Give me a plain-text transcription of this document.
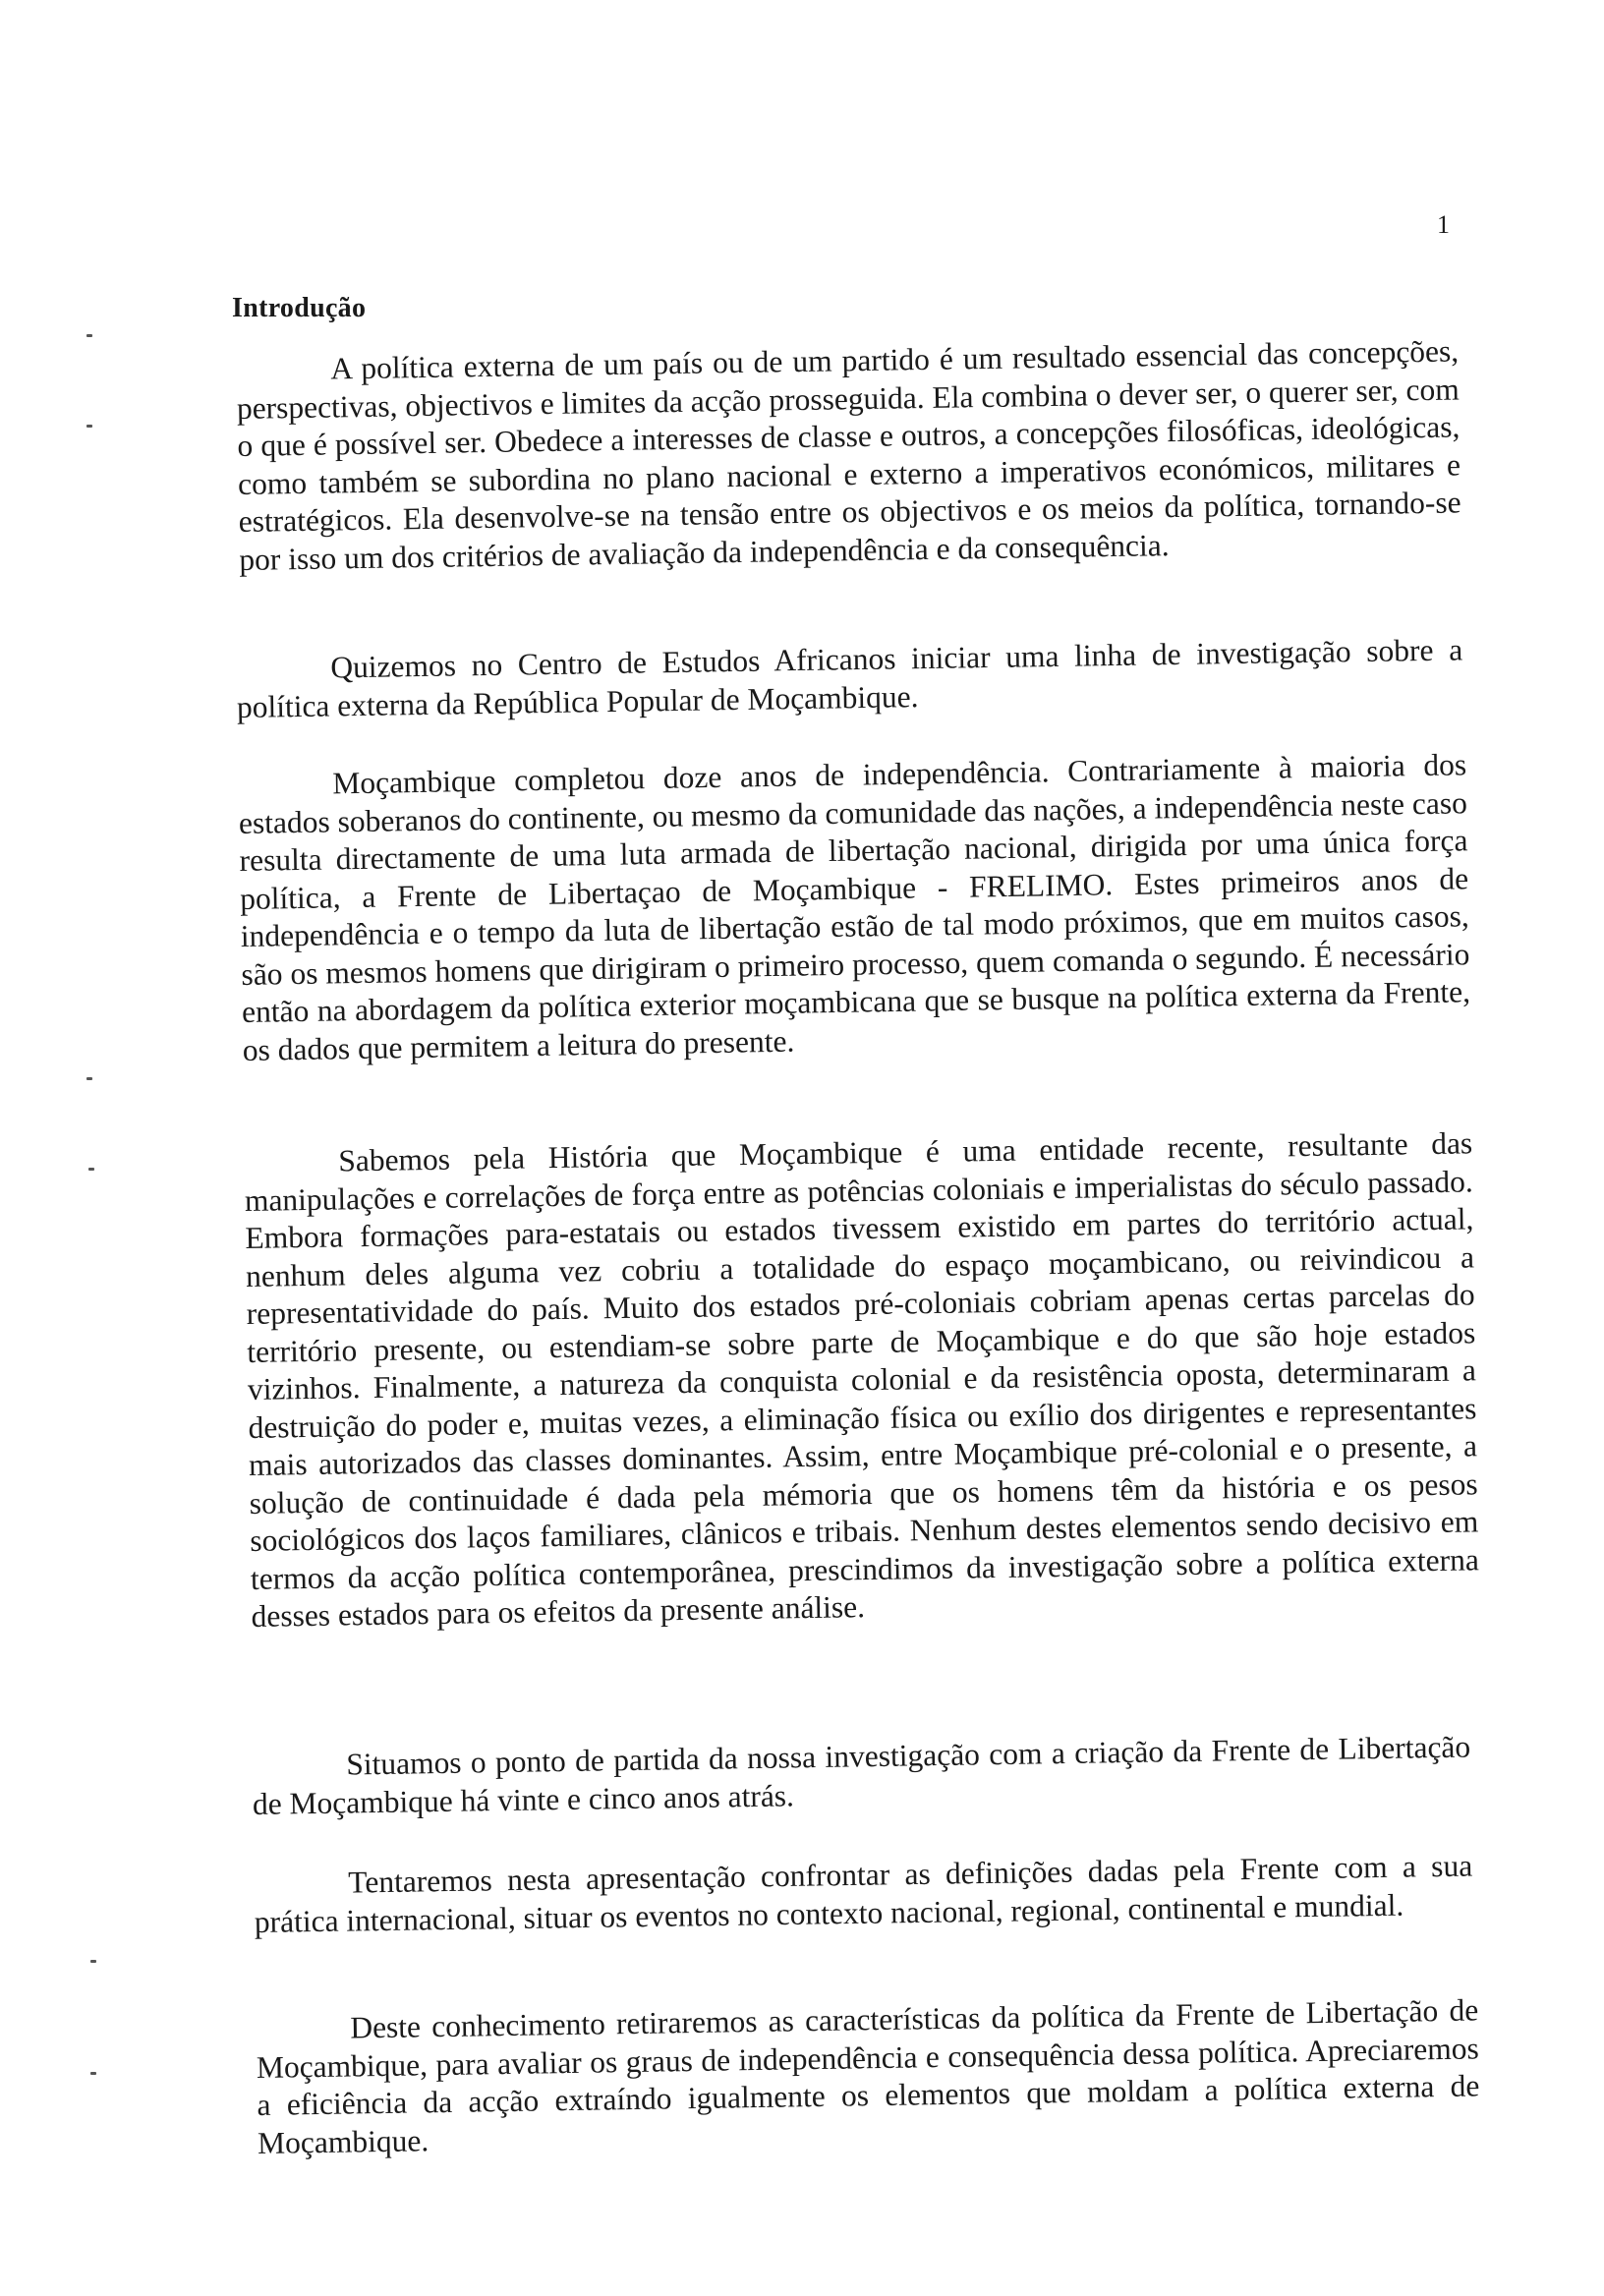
1
Introdução

A política externa de um país ou de um partido é um resultado essencial das concepções, perspectivas, objectivos e limites da acção prosseguida. Ela combina o dever ser, o querer ser, com o que é possível ser. Obedece a interesses de classe e outros, a concepções filosóficas, ideológicas, como também se subordina no plano nacional e externo a imperativos económicos, militares e estratégicos. Ela desenvolve-se na tensão entre os objectivos e os meios da política, tornando-se por isso um dos critérios de avaliação da independência e da consequência.

Quizemos no Centro de Estudos Africanos iniciar uma linha de investigação sobre a política externa da República Popular de Moçambique.

Moçambique completou doze anos de independência. Contrariamente à maioria dos estados soberanos do continente, ou mesmo da comunidade das nações, a independência neste caso resulta directamente de uma luta armada de libertação nacional, dirigida por uma única força política, a Frente de Libertaçao de Moçambique - FRELIMO. Estes primeiros anos de independência e o tempo da luta de libertação estão de tal modo próximos, que em muitos casos, são os mesmos homens que dirigiram o primeiro processo, quem comanda o segundo. É necessário então na abordagem da política exterior moçambicana que se busque na política externa da Frente, os dados que permitem a leitura do presente.

Sabemos pela História que Moçambique é uma entidade recente, resultante das manipulações e correlações de força entre as potências coloniais e imperialistas do século passado. Embora formações para-estatais ou estados tivessem existido em partes do território actual, nenhum deles alguma vez cobriu a totalidade do espaço moçambicano, ou reivindicou a representatividade do país. Muito dos estados pré-coloniais cobriam apenas certas parcelas do território presente, ou estendiam-se sobre parte de Moçambique e do que são hoje estados vizinhos. Finalmente, a natureza da conquista colonial e da resistência oposta, determinaram a destruição do poder e, muitas vezes, a eliminação física ou exílio dos dirigentes e representantes mais autorizados das classes dominantes. Assim, entre Moçambique pré-colonial e o presente, a solução de continuidade é dada pela mémoria que os homens têm da história e os pesos sociológicos dos laços familiares, clânicos e tribais. Nenhum destes elementos sendo decisivo em termos da acção política contemporânea, prescindimos da investigação sobre a política externa desses estados para os efeitos da presente análise.

Situamos o ponto de partida da nossa investigação com a criação da Frente de Libertação de Moçambique há vinte e cinco anos atrás.

Tentaremos nesta apresentação confrontar as definições dadas pela Frente com a sua prática internacional, situar os eventos no contexto nacional, regional, continental e mundial.

Deste conhecimento retiraremos as características da política da Frente de Libertação de Moçambique, para avaliar os graus de independência e consequência dessa política. Apreciaremos a eficiência da acção extraíndo igualmente os elementos que moldam a política externa de Moçambique.
